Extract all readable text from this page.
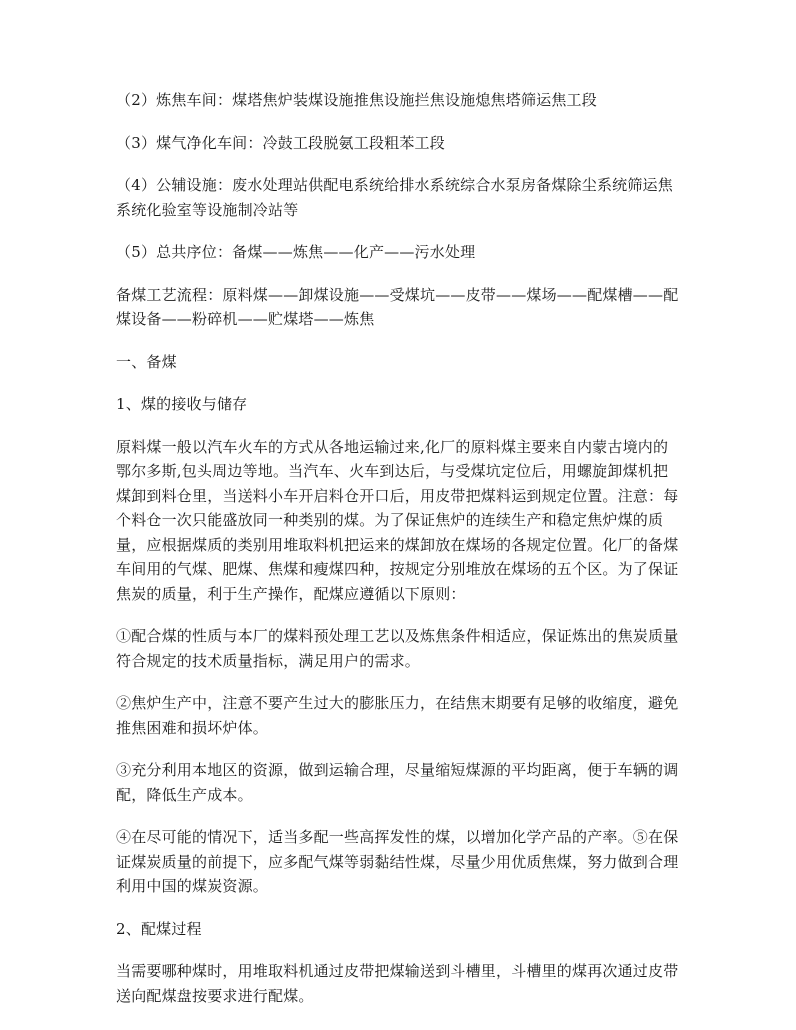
（2）炼焦车间：煤塔焦炉装煤设施推焦设施拦焦设施熄焦塔筛运焦工段

（3）煤气净化车间：冷鼓工段脱氨工段粗苯工段

（4）公辅设施：废水处理站供配电系统给排水系统综合水泵房备煤除尘系统筛运焦系统化验室等设施制冷站等

（5）总共序位：备煤——炼焦——化产——污水处理

备煤工艺流程：原料煤——卸煤设施——受煤坑——皮带——煤场——配煤槽——配煤设备——粉碎机——贮煤塔——炼焦

一、备煤

1、煤的接收与储存

原料煤一般以汽车火车的方式从各地运输过来,化厂的原料煤主要来自内蒙古境内的鄂尔多斯,包头周边等地。当汽车、火车到达后，与受煤坑定位后，用螺旋卸煤机把煤卸到料仓里，当送料小车开启料仓开口后，用皮带把煤料运到规定位置。注意：每个料仓一次只能盛放同一种类别的煤。为了保证焦炉的连续生产和稳定焦炉煤的质量，应根据煤质的类别用堆取料机把运来的煤卸放在煤场的各规定位置。化厂的备煤车间用的气煤、肥煤、焦煤和瘦煤四种，按规定分别堆放在煤场的五个区。为了保证焦炭的质量，利于生产操作，配煤应遵循以下原则：

①配合煤的性质与本厂的煤料预处理工艺以及炼焦条件相适应，保证炼出的焦炭质量符合规定的技术质量指标，满足用户的需求。

②焦炉生产中，注意不要产生过大的膨胀压力，在结焦末期要有足够的收缩度，避免推焦困难和损坏炉体。

③充分利用本地区的资源，做到运输合理，尽量缩短煤源的平均距离，便于车辆的调配，降低生产成本。

④在尽可能的情况下，适当多配一些高挥发性的煤，以增加化学产品的产率。⑤在保证煤炭质量的前提下，应多配气煤等弱黏结性煤，尽量少用优质焦煤，努力做到合理利用中国的煤炭资源。

2、配煤过程

当需要哪种煤时，用堆取料机通过皮带把煤输送到斗槽里，斗槽里的煤再次通过皮带送向配煤盘按要求进行配煤。
